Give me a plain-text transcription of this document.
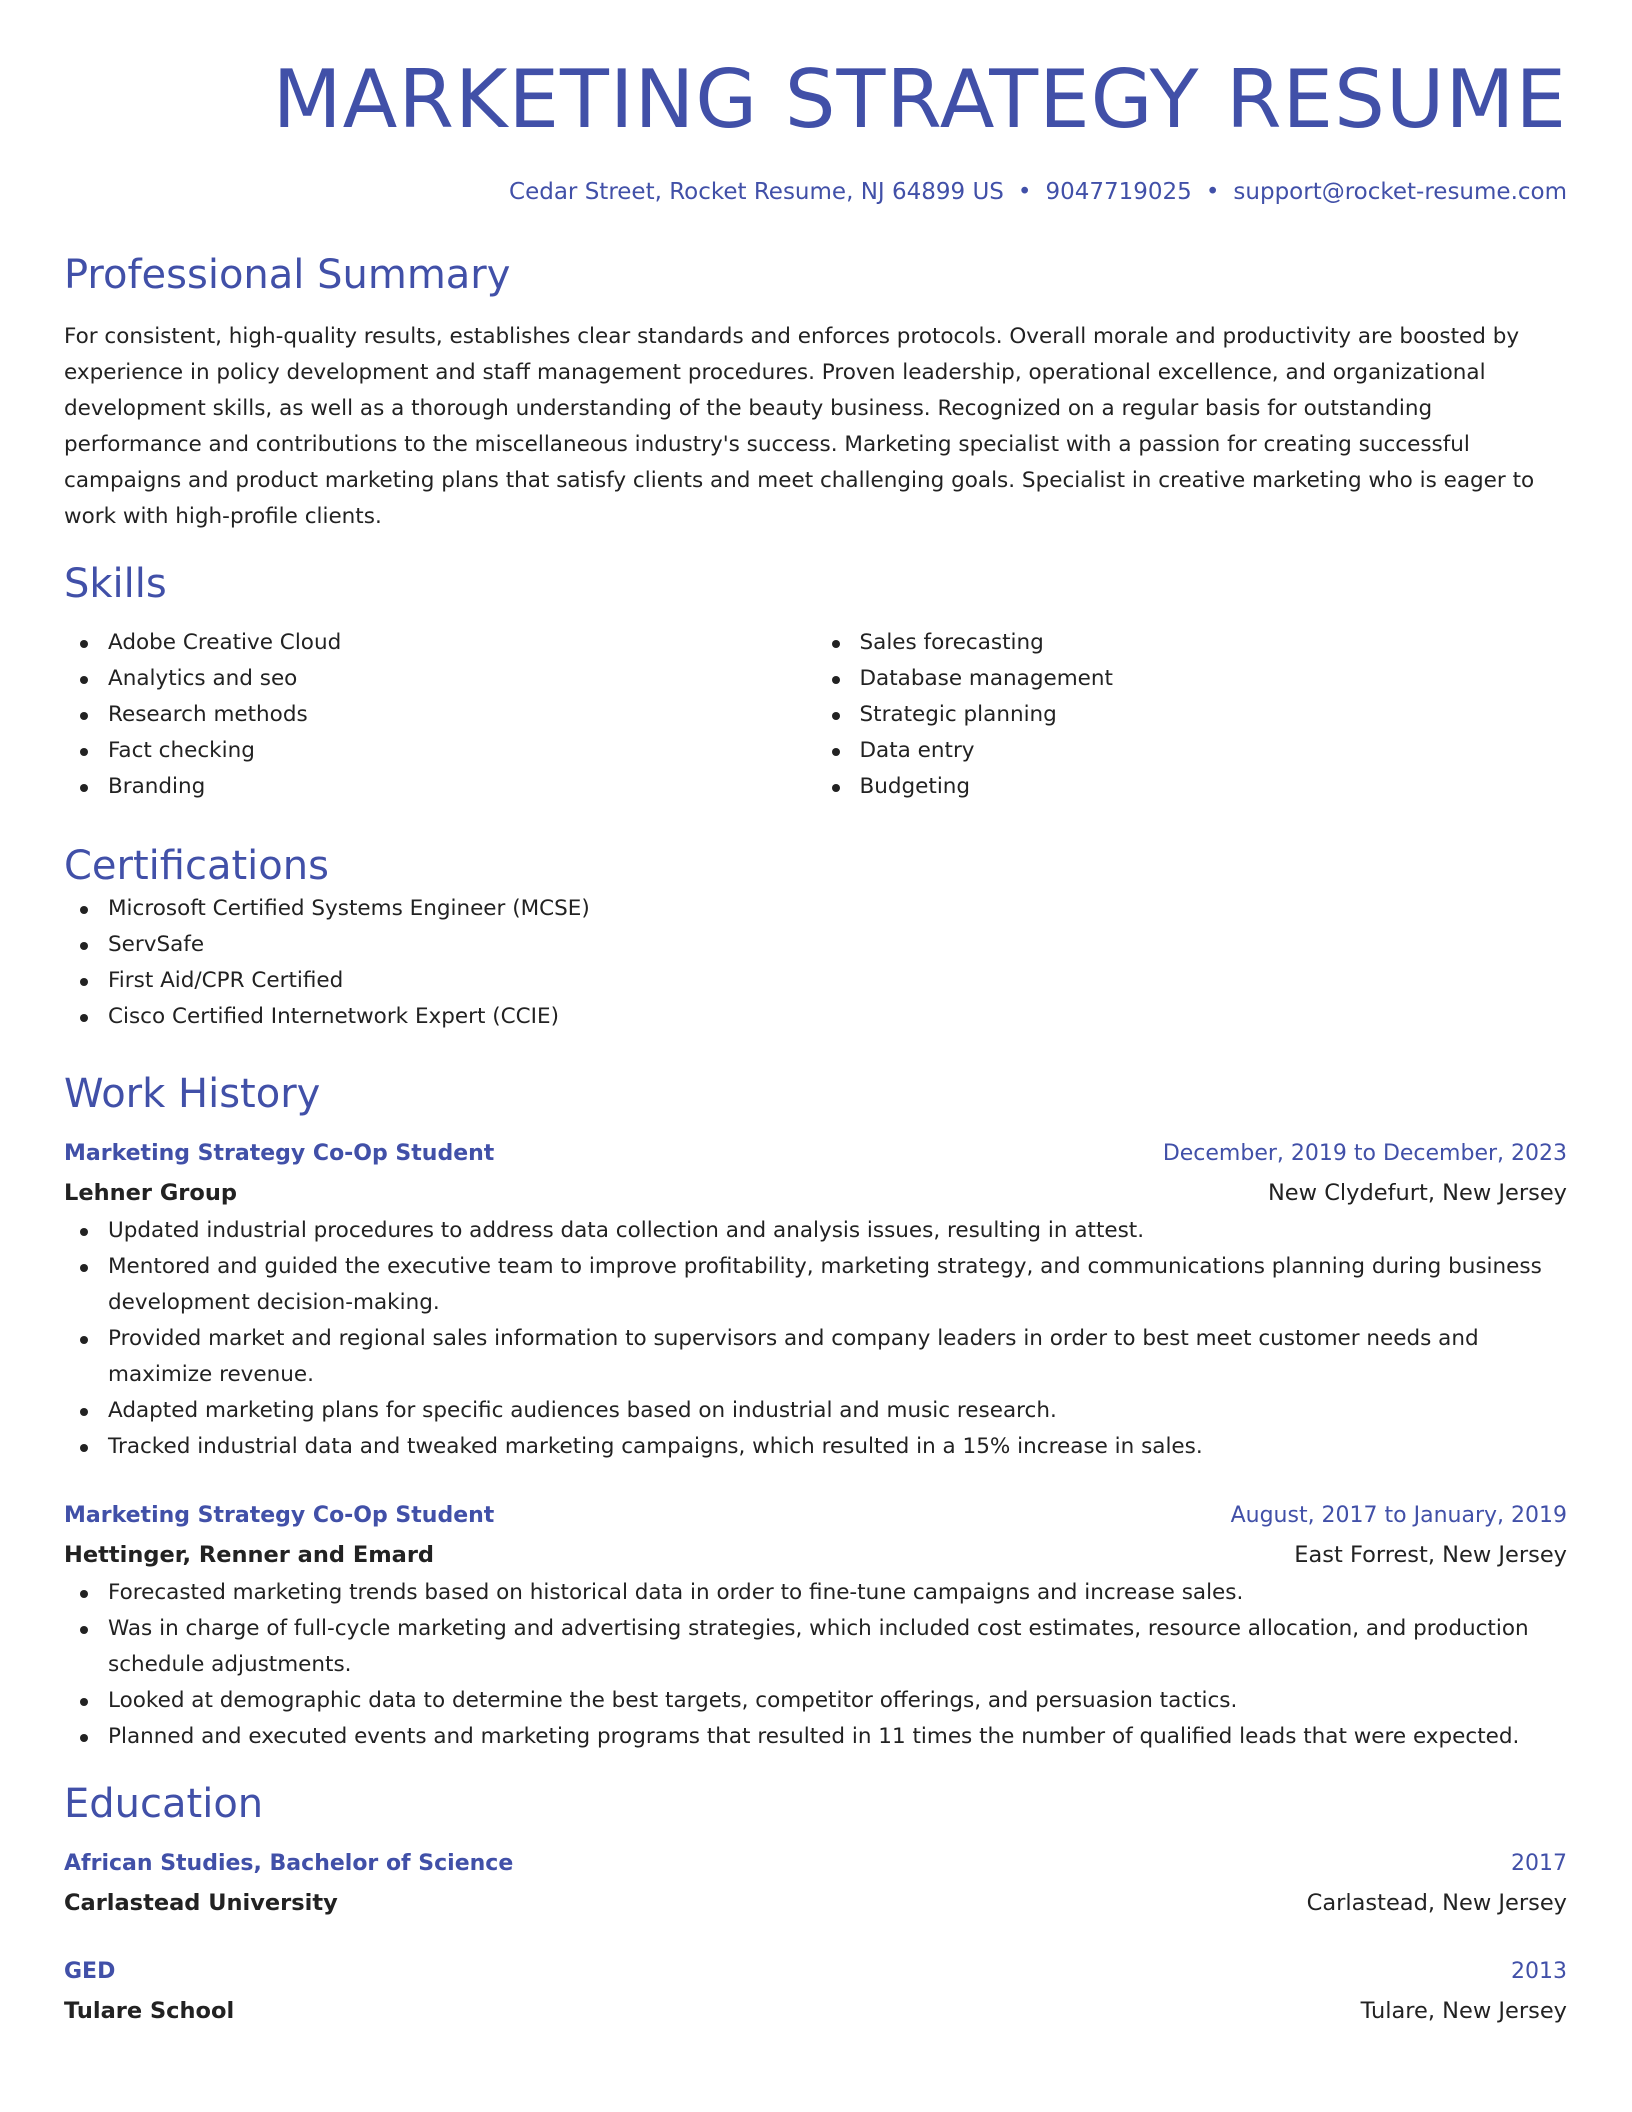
MARKETING STRATEGY RESUME
Cedar Street, Rocket Resume, NJ 64899 US • 9047719025 • support@rocket-resume.com
Professional Summary

For consistent, high-quality results, establishes clear standards and enforces protocols. Overall morale and productivity are boosted by experience in policy development and staff management procedures. Proven leadership, operational excellence, and organizational development skills, as well as a thorough understanding of the beauty business. Recognized on a regular basis for outstanding performance and contributions to the miscellaneous industry's success. Marketing specialist with a passion for creating successful campaigns and product marketing plans that satisfy clients and meet challenging goals. Specialist in creative marketing who is eager to work with high-profile clients.

Skills
Adobe Creative Cloud
Analytics and seo
Research methods
Fact checking
Branding
Sales forecasting
Database management
Strategic planning
Data entry
Budgeting
Certifications
Microsoft Certified Systems Engineer (MCSE)
ServSafe
First Aid/CPR Certified
Cisco Certified Internetwork Expert (CCIE)
Work History
Marketing Strategy Co-Op Student	December, 2019 to December, 2023
Lehner Group	New Clydefurt, New Jersey
Updated industrial procedures to address data collection and analysis issues, resulting in attest.
Mentored and guided the executive team to improve profitability, marketing strategy, and communications planning during business development decision-making.
Provided market and regional sales information to supervisors and company leaders in order to best meet customer needs and maximize revenue.
Adapted marketing plans for specific audiences based on industrial and music research.
Tracked industrial data and tweaked marketing campaigns, which resulted in a 15% increase in sales.
Marketing Strategy Co-Op Student	August, 2017 to January, 2019
Hettinger, Renner and Emard	East Forrest, New Jersey
Forecasted marketing trends based on historical data in order to fine-tune campaigns and increase sales.
Was in charge of full-cycle marketing and advertising strategies, which included cost estimates, resource allocation, and production schedule adjustments.
Looked at demographic data to determine the best targets, competitor offerings, and persuasion tactics.
Planned and executed events and marketing programs that resulted in 11 times the number of qualified leads that were expected.
Education
African Studies, Bachelor of Science	2017
Carlastead University	Carlastead, New Jersey
GED	2013
Tulare School	Tulare, New Jersey
